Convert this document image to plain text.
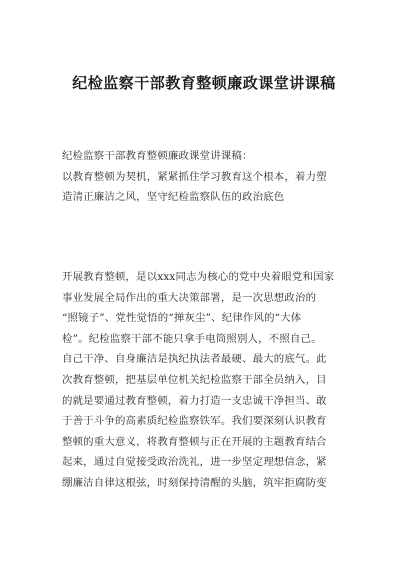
纪检监察干部教育整顿廉政课堂讲课稿
纪检监察干部教育整顿廉政课堂讲课稿：
以教育整顿为契机，紧紧抓住学习教育这个根本，着力塑
造清正廉洁之风，坚守纪检监察队伍的政治底色
开展教育整顿，是以xxx同志为核心的党中央着眼党和国家
事业发展全局作出的重大决策部署，是一次思想政治的
“照镜子”、党性觉悟的“掸灰尘”、纪律作风的“大体
检”。纪检监察干部不能只拿手电筒照别人，不照自己。
自己干净、自身廉洁是执纪执法者最硬、最大的底气。此
次教育整顿，把基层单位机关纪检监察干部全员纳入，目
的就是要通过教育整顿，着力打造一支忠诚干净担当、敢
于善于斗争的高素质纪检监察铁军。我们要深刻认识教育
整顿的重大意义，将教育整顿与正在开展的主题教育结合
起来，通过自觉接受政治洗礼，进一步坚定理想信念，紧
绷廉洁自律这根弦，时刻保持清醒的头脑，筑牢拒腐防变
